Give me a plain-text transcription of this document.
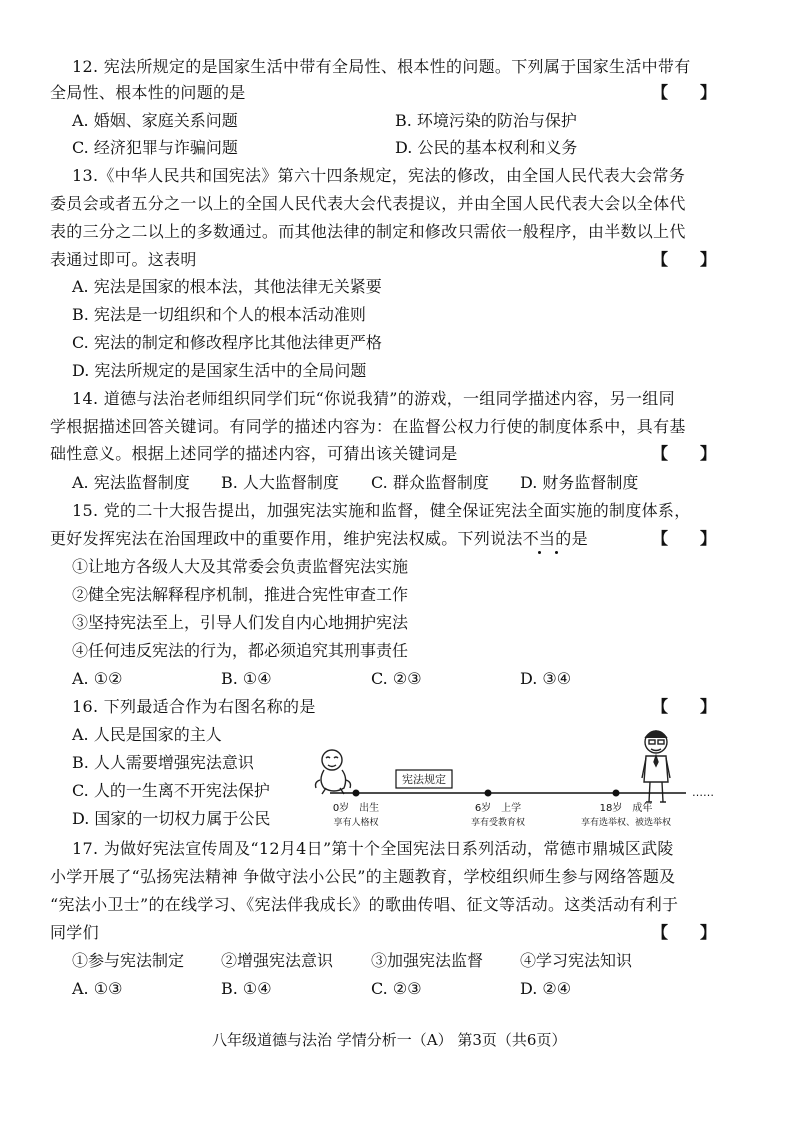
12. 宪法所规定的是国家生活中带有全局性、根本性的问题。下列属于国家生活中带有
全局性、根本性的问题的是	【　　】
A. 婚姻、家庭关系问题	B. 环境污染的防治与保护
C. 经济犯罪与诈骗问题	D. 公民的基本权利和义务
13.《中华人民共和国宪法》第六十四条规定，宪法的修改，由全国人民代表大会常务
委员会或者五分之一以上的全国人民代表大会代表提议，并由全国人民代表大会以全体代
表的三分之二以上的多数通过。而其他法律的制定和修改只需依一般程序，由半数以上代
表通过即可。这表明	【　　】
A. 宪法是国家的根本法，其他法律无关紧要
B. 宪法是一切组织和个人的根本活动准则
C. 宪法的制定和修改程序比其他法律更严格
D. 宪法所规定的是国家生活中的全局问题
14. 道德与法治老师组织同学们玩“你说我猜”的游戏，一组同学描述内容，另一组同
学根据描述回答关键词。有同学的描述内容为：在监督公权力行使的制度体系中，具有基
础性意义。根据上述同学的描述内容，可猜出该关键词是	【　　】
A. 宪法监督制度 B. 人大监督制度 C. 群众监督制度 D. 财务监督制度
15. 党的二十大报告提出，加强宪法实施和监督，健全保证宪法全面实施的制度体系，
更好发挥宪法在治国理政中的重要作用，维护宪法权威。下列说法不当的是	【　　】
①让地方各级人大及其常委会负责监督宪法实施
②健全宪法解释程序机制，推进合宪性审查工作
③坚持宪法至上，引导人们发自内心地拥护宪法
④任何违反宪法的行为，都必须追究其刑事责任
A. ①②	B. ①④	C. ②③	D. ③④
16. 下列最适合作为右图名称的是	【　　】
A. 人民是国家的主人
B. 人人需要增强宪法意识
C. 人的一生离不开宪法保护
D. 国家的一切权力属于公民
宪法规定
……
0岁　出生
享有人格权
6岁　上学
享有受教育权
18岁　成年
享有选举权、被选举权
17. 为做好宪法宣传周及“12月4日”第十个全国宪法日系列活动，常德市鼎城区武陵
小学开展了“弘扬宪法精神 争做守法小公民”的主题教育，学校组织师生参与网络答题及
“宪法小卫士”的在线学习、《宪法伴我成长》的歌曲传唱、征文等活动。这类活动有利于
同学们	【　　】
①参与宪法制定 ②增强宪法意识 ③加强宪法监督 ④学习宪法知识
A. ①③	B. ①④	C. ②③	D. ②④
八年级道德与法治 学情分析一（A） 第3页（共6页）
